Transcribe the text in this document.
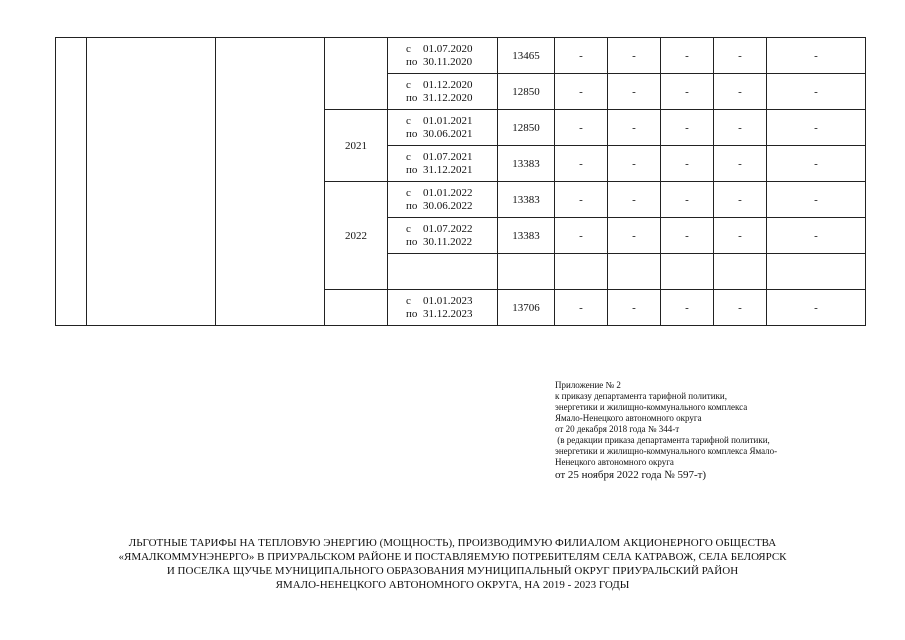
				с 01.07.2020
по 30.11.2020	13465	-	-	-	-	-

				с 01.12.2020
по 31.12.2020	12850	-	-	-	-	-
			2021	с 01.01.2021
по 30.06.2021	12850	-	-	-	-	-

				с 01.07.2021
по 31.12.2021	13383	-	-	-	-	-
			2022	с 01.01.2022
по 30.06.2022	13383	-	-	-	-	-

				с 01.07.2022
по 30.11.2022	13383	-	-	-	-	-

				с 01.01.2023
по 31.12.2023	13706	-	-	-	-	-
Приложение № 2
к приказу департамента тарифной политики,
энергетики и жилищно-коммунального комплекса
Ямало-Ненецкого автономного округа
от 20 декабря 2018 года № 344-т
(в редакции приказа департамента тарифной политики,
энергетики и жилищно-коммунального комплекса Ямало-
Ненецкого автономного округа
от 25 ноября 2022 года № 597-т)
ЛЬГОТНЫЕ ТАРИФЫ НА ТЕПЛОВУЮ ЭНЕРГИЮ (МОЩНОСТЬ), ПРОИЗВОДИМУЮ ФИЛИАЛОМ АКЦИОНЕРНОГО ОБЩЕСТВА
«ЯМАЛКОММУНЭНЕРГО» В ПРИУРАЛЬСКОМ РАЙОНЕ И ПОСТАВЛЯЕМУЮ ПОТРЕБИТЕЛЯМ СЕЛА КАТРАВОЖ, СЕЛА БЕЛОЯРСК
И ПОСЕЛКА ЩУЧЬЕ МУНИЦИПАЛЬНОГО ОБРАЗОВАНИЯ МУНИЦИПАЛЬНЫЙ ОКРУГ ПРИУРАЛЬСКИЙ РАЙОН
ЯМАЛО-НЕНЕЦКОГО АВТОНОМНОГО ОКРУГА, НА 2019 - 2023 ГОДЫ
